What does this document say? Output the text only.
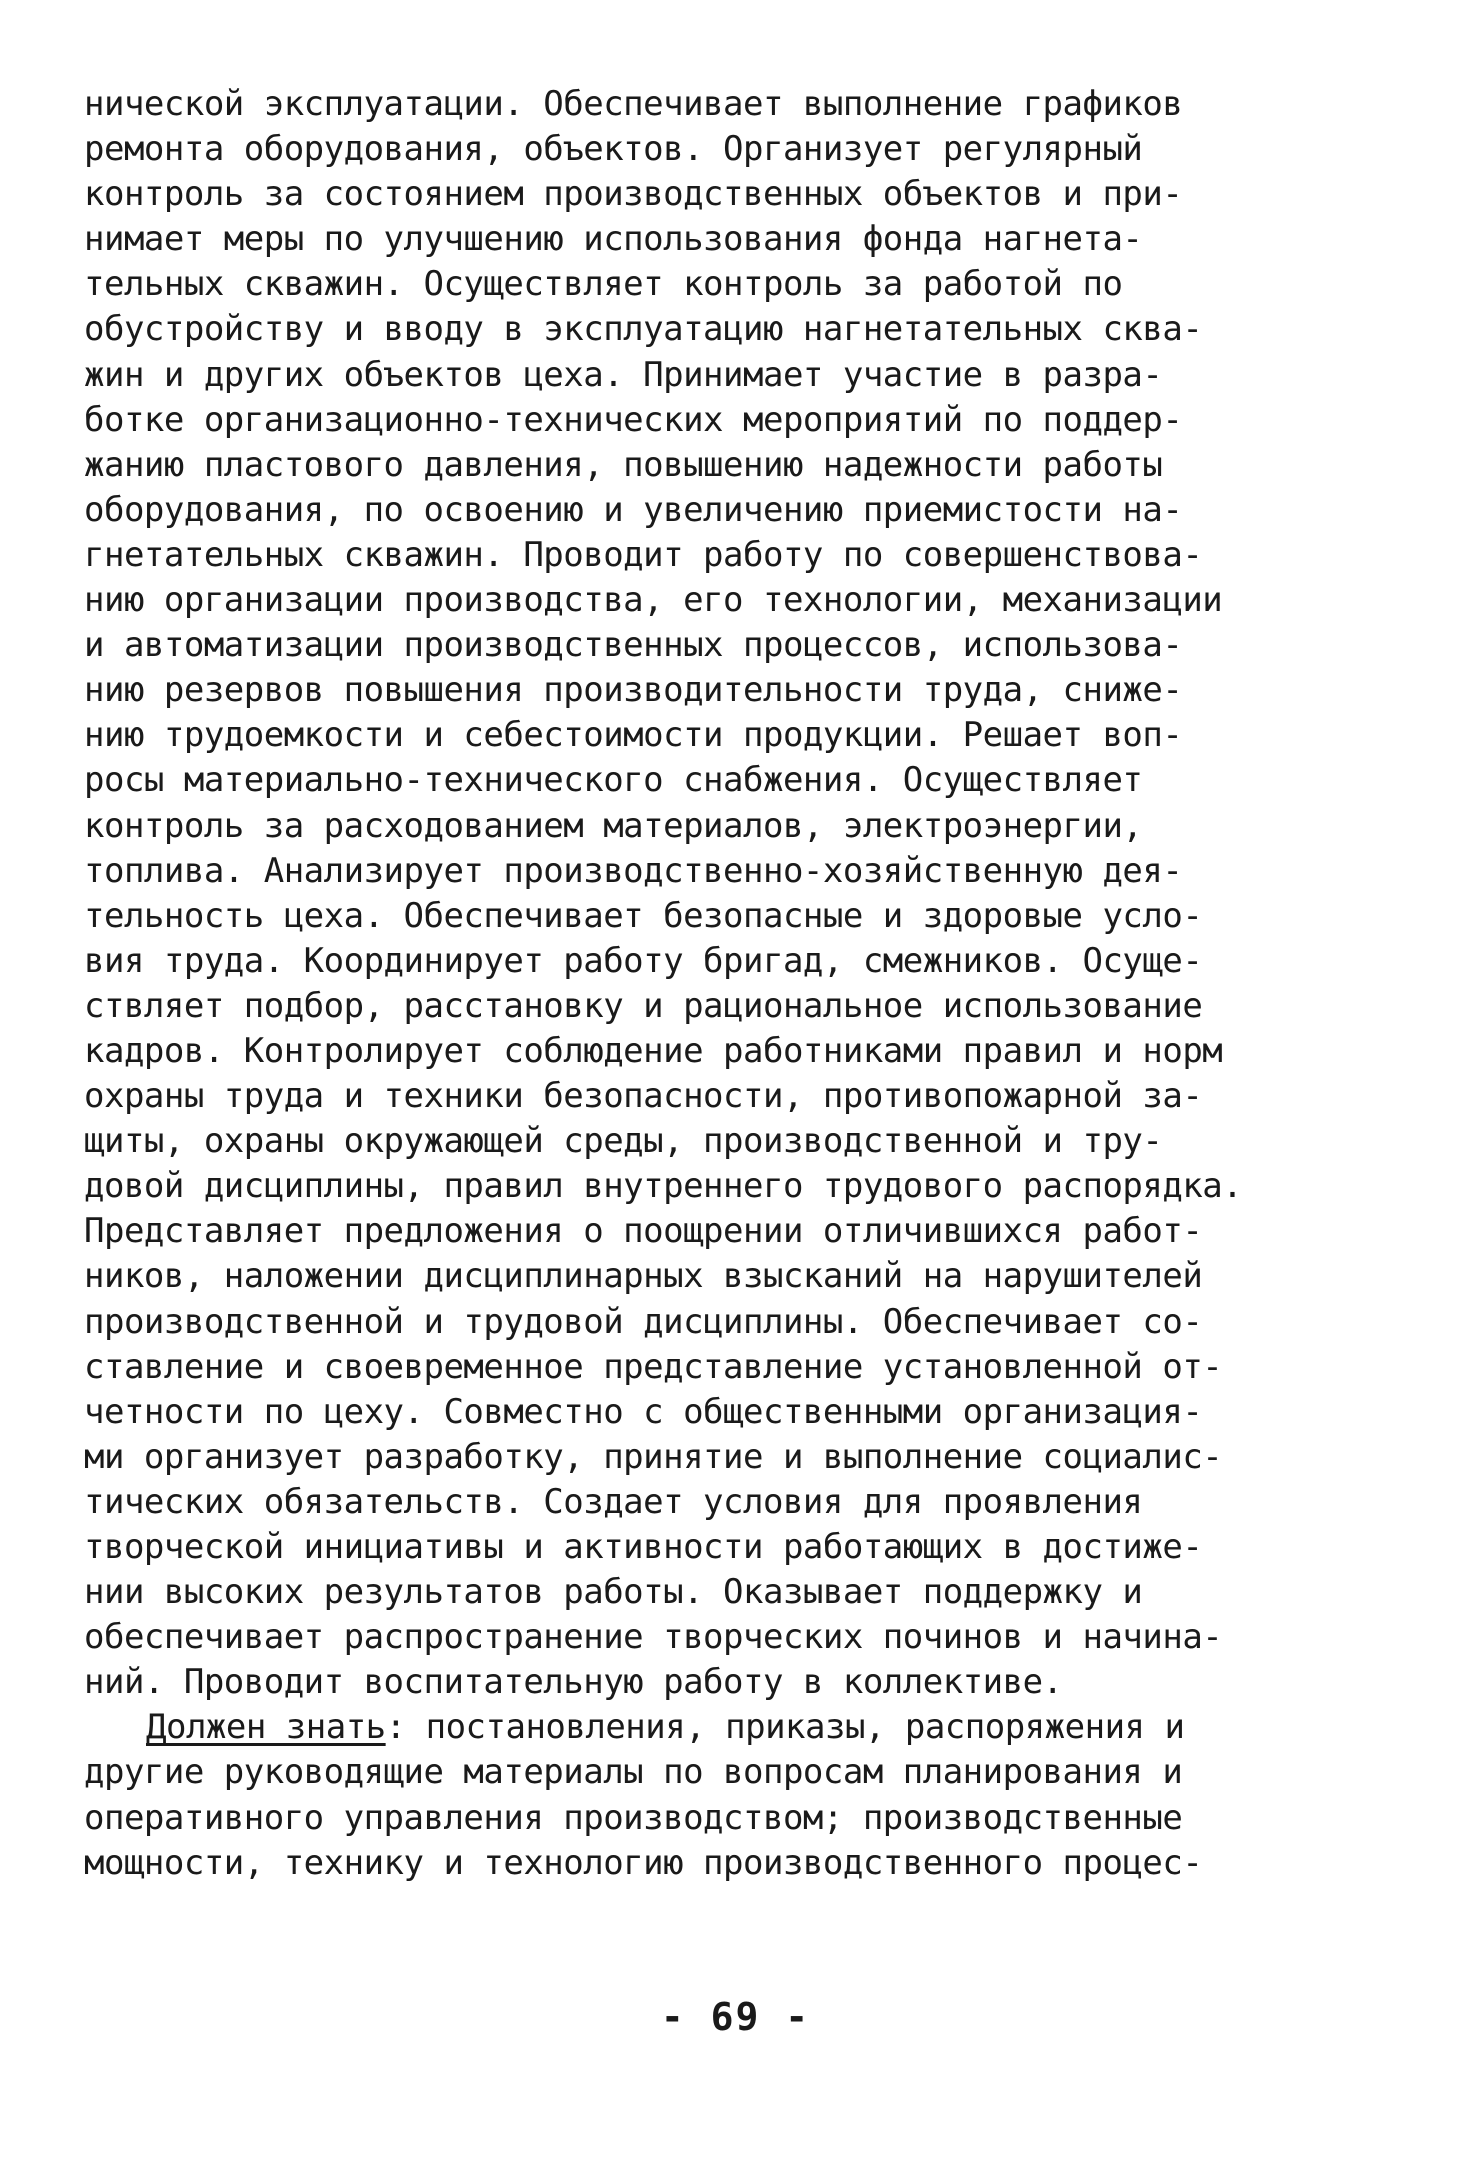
нической эксплуатации. Обеспечивает выполнение графиков
ремонта оборудования, объектов. Организует регулярный
контроль за состоянием производственных объектов и при-
нимает меры по улучшению использования фонда нагнета-
тельных скважин. Осуществляет контроль за работой по
обустройству и вводу в эксплуатацию нагнетательных сква-
жин и других объектов цеха. Принимает участие в разра-
ботке организационно-технических мероприятий по поддер-
жанию пластового давления, повышению надежности работы
оборудования, по освоению и увеличению приемистости на-
гнетательных скважин. Проводит работу по совершенствова-
нию организации производства, его технологии, механизации
и автоматизации производственных процессов, использова-
нию резервов повышения производительности труда, сниже-
нию трудоемкости и себестоимости продукции. Решает воп-
росы материально-технического снабжения. Осуществляет
контроль за расходованием материалов, электроэнергии,
топлива. Анализирует производственно-хозяйственную дея-
тельность цеха. Обеспечивает безопасные и здоровые усло-
вия труда. Координирует работу бригад, смежников. Осуще-
ствляет подбор, расстановку и рациональное использование
кадров. Контролирует соблюдение работниками правил и норм
охраны труда и техники безопасности, противопожарной за-
щиты, охраны окружающей среды, производственной и тру-
довой дисциплины, правил внутреннего трудового распорядка.
Представляет предложения о поощрении отличившихся работ-
ников, наложении дисциплинарных взысканий на нарушителей
производственной и трудовой дисциплины. Обеспечивает со-
ставление и своевременное представление установленной от-
четности по цеху. Совместно с общественными организация-
ми организует разработку, принятие и выполнение социалис-
тических обязательств. Создает условия для проявления
творческой инициативы и активности работающих в достиже-
нии высоких результатов работы. Оказывает поддержку и
обеспечивает распространение творческих починов и начина-
ний. Проводит воспитательную работу в коллективе.
Должен знать: постановления, приказы, распоряжения и
другие руководящие материалы по вопросам планирования и
оперативного управления производством; производственные
мощности, технику и технологию производственного процес-
- 69 -
